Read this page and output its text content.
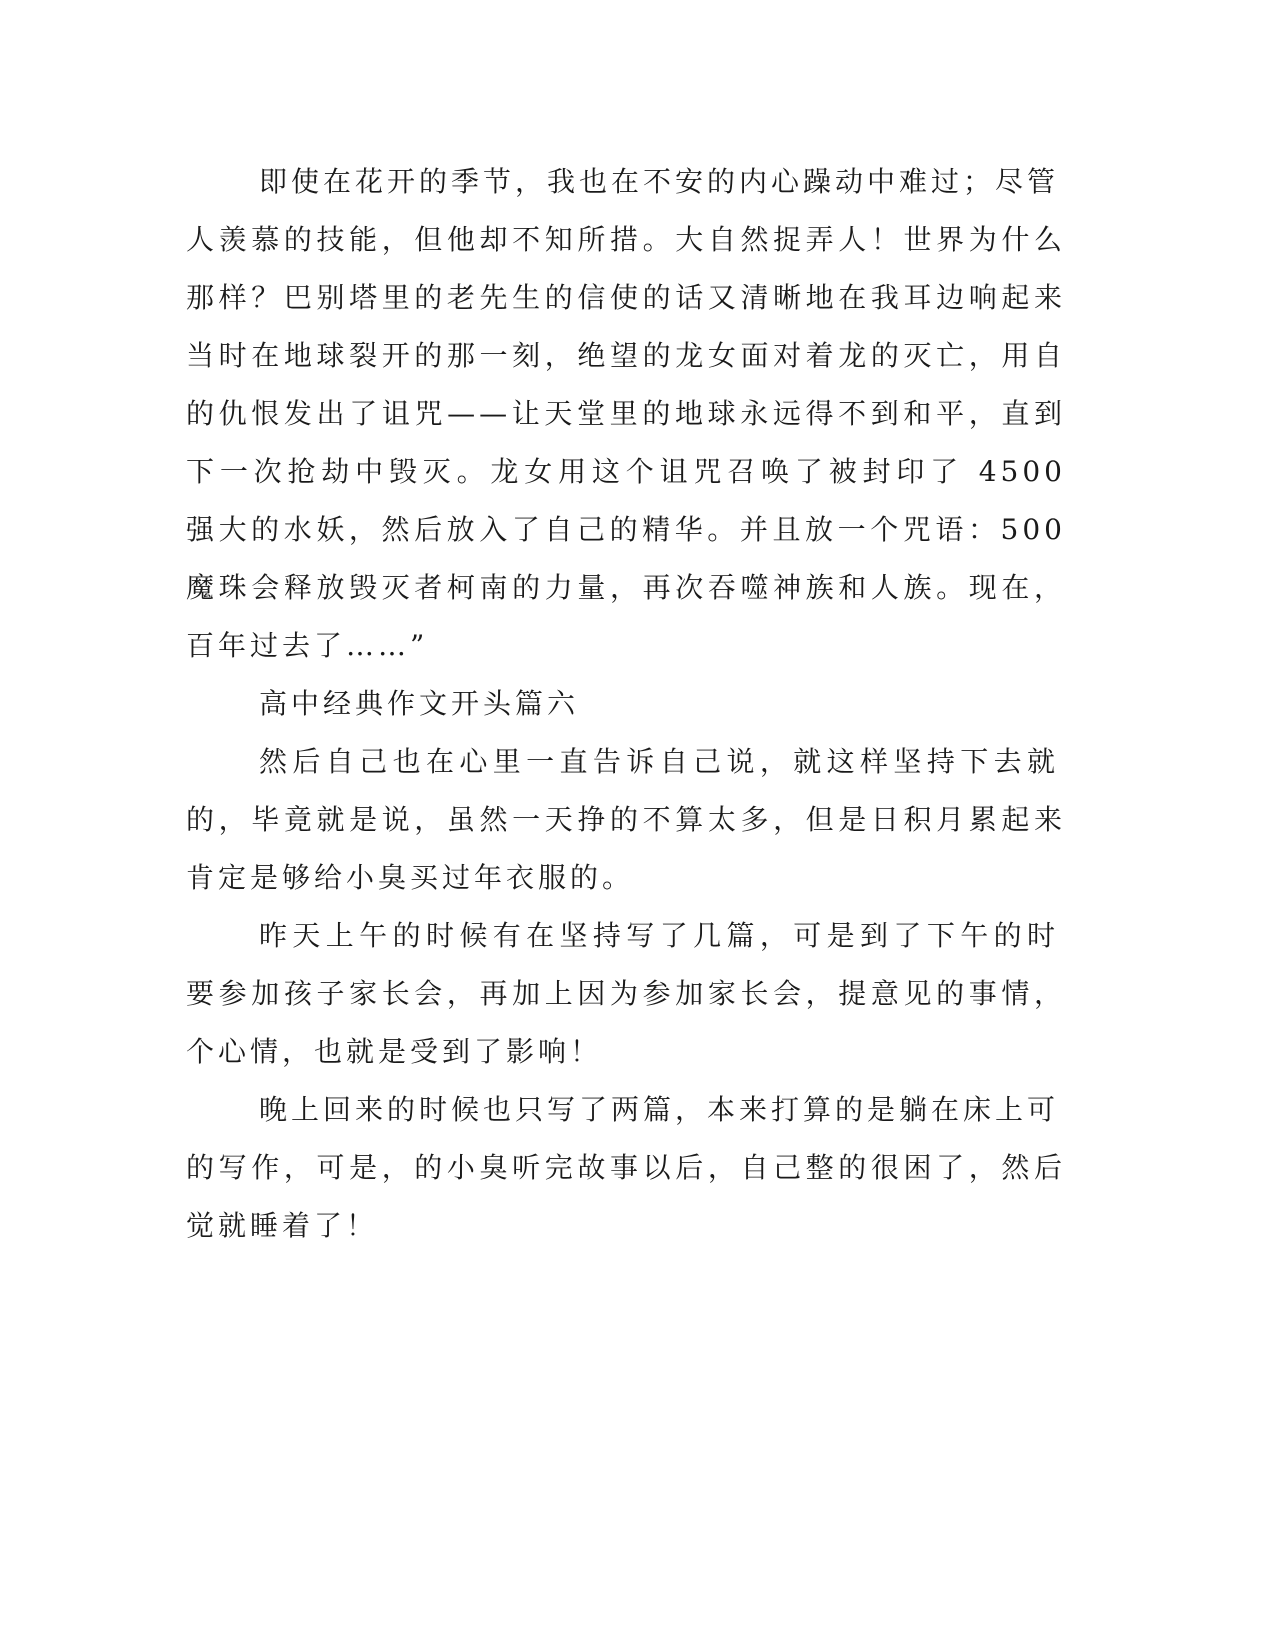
即使在花开的季节，我也在不安的内心躁动中难过；尽管
人羡慕的技能，但他却不知所措。大自然捉弄人！世界为什么
那样？巴别塔里的老先生的信使的话又清晰地在我耳边响起来
当时在地球裂开的那一刻，绝望的龙女面对着龙的灭亡，用自
的仇恨发出了诅咒——让天堂里的地球永远得不到和平，直到
下一次抢劫中毁灭。龙女用这个诅咒召唤了被封印了 4500
强大的水妖，然后放入了自己的精华。并且放一个咒语：500
魔珠会释放毁灭者柯南的力量，再次吞噬神族和人族。现在，
百年过去了……”
高中经典作文开头篇六
然后自己也在心里一直告诉自己说，就这样坚持下去就
的，毕竟就是说，虽然一天挣的不算太多，但是日积月累起来
肯定是够给小臭买过年衣服的。
昨天上午的时候有在坚持写了几篇，可是到了下午的时
要参加孩子家长会，再加上因为参加家长会，提意见的事情，
个心情，也就是受到了影响！
晚上回来的时候也只写了两篇，本来打算的是躺在床上可
的写作，可是，的小臭听完故事以后，自己整的很困了，然后
觉就睡着了！
